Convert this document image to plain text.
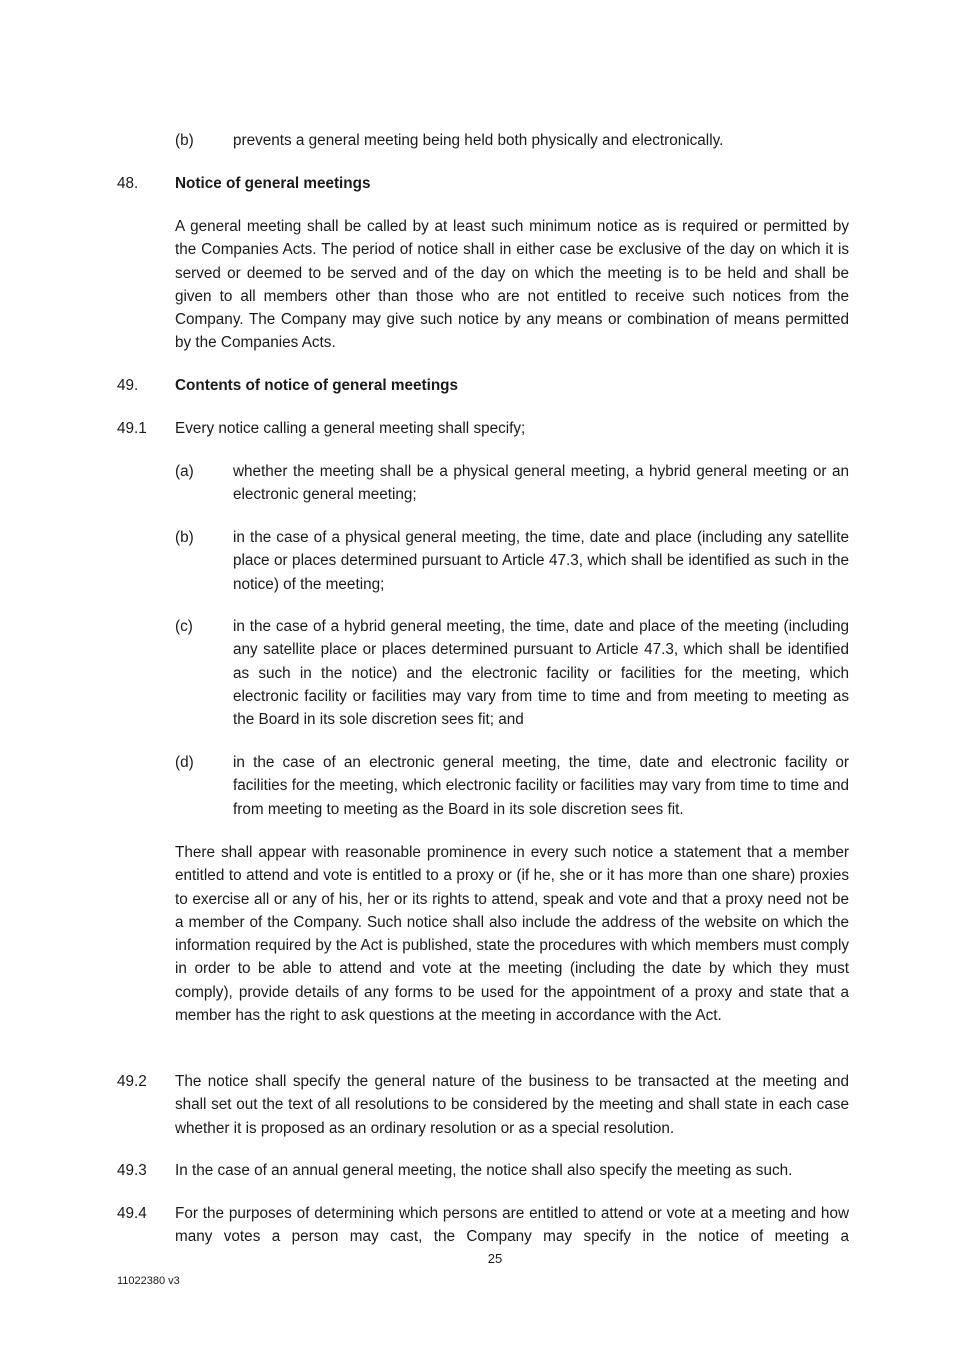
(b)	prevents a general meeting being held both physically and electronically.
48. Notice of general meetings
A general meeting shall be called by at least such minimum notice as is required or permitted by the Companies Acts. The period of notice shall in either case be exclusive of the day on which it is served or deemed to be served and of the day on which the meeting is to be held and shall be given to all members other than those who are not entitled to receive such notices from the Company. The Company may give such notice by any means or combination of means permitted by the Companies Acts.
49. Contents of notice of general meetings
49.1 Every notice calling a general meeting shall specify;
(a)	whether the meeting shall be a physical general meeting, a hybrid general meeting or an electronic general meeting;
(b)	in the case of a physical general meeting, the time, date and place (including any satellite place or places determined pursuant to Article 47.3, which shall be identified as such in the notice) of the meeting;
(c)	in the case of a hybrid general meeting, the time, date and place of the meeting (including any satellite place or places determined pursuant to Article 47.3, which shall be identified as such in the notice) and the electronic facility or facilities for the meeting, which electronic facility or facilities may vary from time to time and from meeting to meeting as the Board in its sole discretion sees fit; and
(d)	in the case of an electronic general meeting, the time, date and electronic facility or facilities for the meeting, which electronic facility or facilities may vary from time to time and from meeting to meeting as the Board in its sole discretion sees fit.
There shall appear with reasonable prominence in every such notice a statement that a member entitled to attend and vote is entitled to a proxy or (if he, she or it has more than one share) proxies to exercise all or any of his, her or its rights to attend, speak and vote and that a proxy need not be a member of the Company. Such notice shall also include the address of the website on which the information required by the Act is published, state the procedures with which members must comply in order to be able to attend and vote at the meeting (including the date by which they must comply), provide details of any forms to be used for the appointment of a proxy and state that a member has the right to ask questions at the meeting in accordance with the Act.
49.2 The notice shall specify the general nature of the business to be transacted at the meeting and shall set out the text of all resolutions to be considered by the meeting and shall state in each case whether it is proposed as an ordinary resolution or as a special resolution.
49.3 In the case of an annual general meeting, the notice shall also specify the meeting as such.
49.4 For the purposes of determining which persons are entitled to attend or vote at a meeting and how many votes a person may cast, the Company may specify in the notice of meeting a
25
11022380 v3
